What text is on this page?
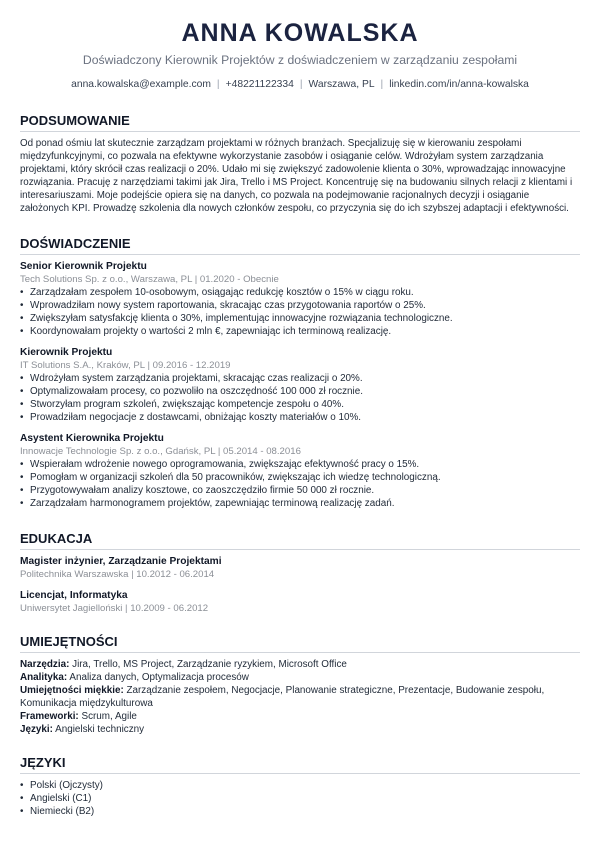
ANNA KOWALSKA
Doświadczony Kierownik Projektów z doświadczeniem w zarządzaniu zespołami
anna.kowalska@example.com | +48221122334 | Warszawa, PL | linkedin.com/in/anna-kowalska
PODSUMOWANIE
Od ponad ośmiu lat skutecznie zarządzam projektami w różnych branżach. Specjalizuję się w kierowaniu zespołami międzyfunkcyjnymi, co pozwala na efektywne wykorzystanie zasobów i osiąganie celów. Wdrożyłam system zarządzania projektami, który skrócił czas realizacji o 20%. Udało mi się zwiększyć zadowolenie klienta o 30%, wprowadzając innowacyjne rozwiązania. Pracuję z narzędziami takimi jak Jira, Trello i MS Project. Koncentruję się na budowaniu silnych relacji z klientami i interesariuszami. Moje podejście opiera się na danych, co pozwala na podejmowanie racjonalnych decyzji i osiąganie założonych KPI. Prowadzę szkolenia dla nowych członków zespołu, co przyczynia się do ich szybszej adaptacji i efektywności.
DOŚWIADCZENIE
Senior Kierownik Projektu
Tech Solutions Sp. z o.o., Warszawa, PL | 01.2020 - Obecnie
• Zarządzałam zespołem 10-osobowym, osiągając redukcję kosztów o 15% w ciągu roku.
• Wprowadziłam nowy system raportowania, skracając czas przygotowania raportów o 25%.
• Zwiększyłam satysfakcję klienta o 30%, implementując innowacyjne rozwiązania technologiczne.
• Koordynowałam projekty o wartości 2 mln €, zapewniając ich terminową realizację.
Kierownik Projektu
IT Solutions S.A., Kraków, PL | 09.2016 - 12.2019
• Wdrożyłam system zarządzania projektami, skracając czas realizacji o 20%.
• Optymalizowałam procesy, co pozwoliło na oszczędność 100 000 zł rocznie.
• Stworzyłam program szkoleń, zwiększając kompetencje zespołu o 40%.
• Prowadziłam negocjacje z dostawcami, obniżając koszty materiałów o 10%.
Asystent Kierownika Projektu
Innowacje Technologie Sp. z o.o., Gdańsk, PL | 05.2014 - 08.2016
• Wspierałam wdrożenie nowego oprogramowania, zwiększając efektywność pracy o 15%.
• Pomogłam w organizacji szkoleń dla 50 pracowników, zwiększając ich wiedzę technologiczną.
• Przygotowywałam analizy kosztowe, co zaoszczędziło firmie 50 000 zł rocznie.
• Zarządzałam harmonogramem projektów, zapewniając terminową realizację zadań.
EDUKACJA
Magister inżynier, Zarządzanie Projektami
Politechnika Warszawska | 10.2012 - 06.2014
Licencjat, Informatyka
Uniwersytet Jagielloński | 10.2009 - 06.2012
UMIEJĘTNOŚCI
Narzędzia: Jira, Trello, MS Project, Zarządzanie ryzykiem, Microsoft Office
Analityka: Analiza danych, Optymalizacja procesów
Umiejętności miękkie: Zarządzanie zespołem, Negocjacje, Planowanie strategiczne, Prezentacje, Budowanie zespołu, Komunikacja międzykulturowa
Frameworki: Scrum, Agile
Języki: Angielski techniczny
JĘZYKI
• Polski (Ojczysty)
• Angielski (C1)
• Niemiecki (B2)
